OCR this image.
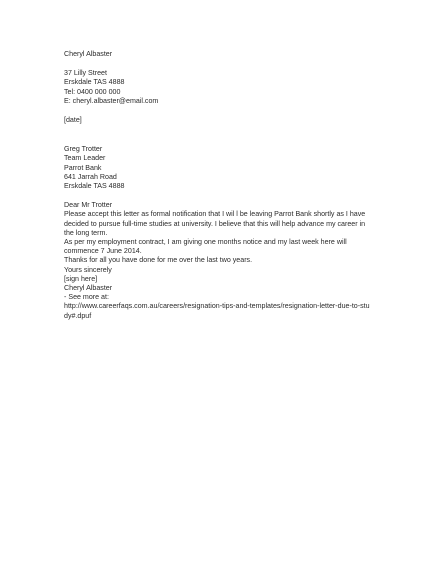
Cheryl Albaster
37 Lilly Street
Erskdale TAS 4888
Tel: 0400 000 000
E: cheryl.albaster@email.com
[date]
Greg Trotter
Team Leader
Parrot Bank
641 Jarrah Road
Erskdale TAS 4888
Dear Mr Trotter
Please accept this letter as formal notification that I wil l be leaving Parrot Bank shortly as I have decided to pursue full-time studies at university. I believe that this will help advance my career in the long term.
As per my employment contract, I am giving one months notice and my last week here will commence 7 June 2014.
Thanks for all you have done for me over the last two years.
Yours sincerely
[sign here]
Cheryl Albaster
- See more at:
http://www.careerfaqs.com.au/careers/resignation-tips-and-templates/resignation-letter-due-to-study#.dpuf
